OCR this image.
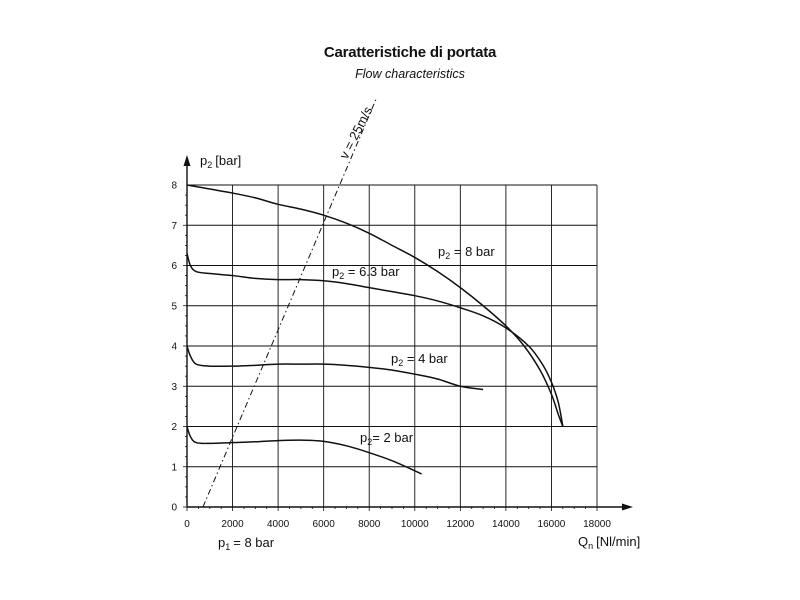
Caratteristiche di portata
Flow characteristics
0
1
2
3
4
5
6
7
8
0	2000 4000 6000 8000 10000 12000 14000 16000 18000
$p_2 = 8$ bar
$p_2 = 6.3$ bar
$p_2 = 4$ bar
$p_2= 2$ bar
$p_2$ [bar]
$Q_n$ [Nl/min]
$p_1 = 8$ bar
v = 25m/s
